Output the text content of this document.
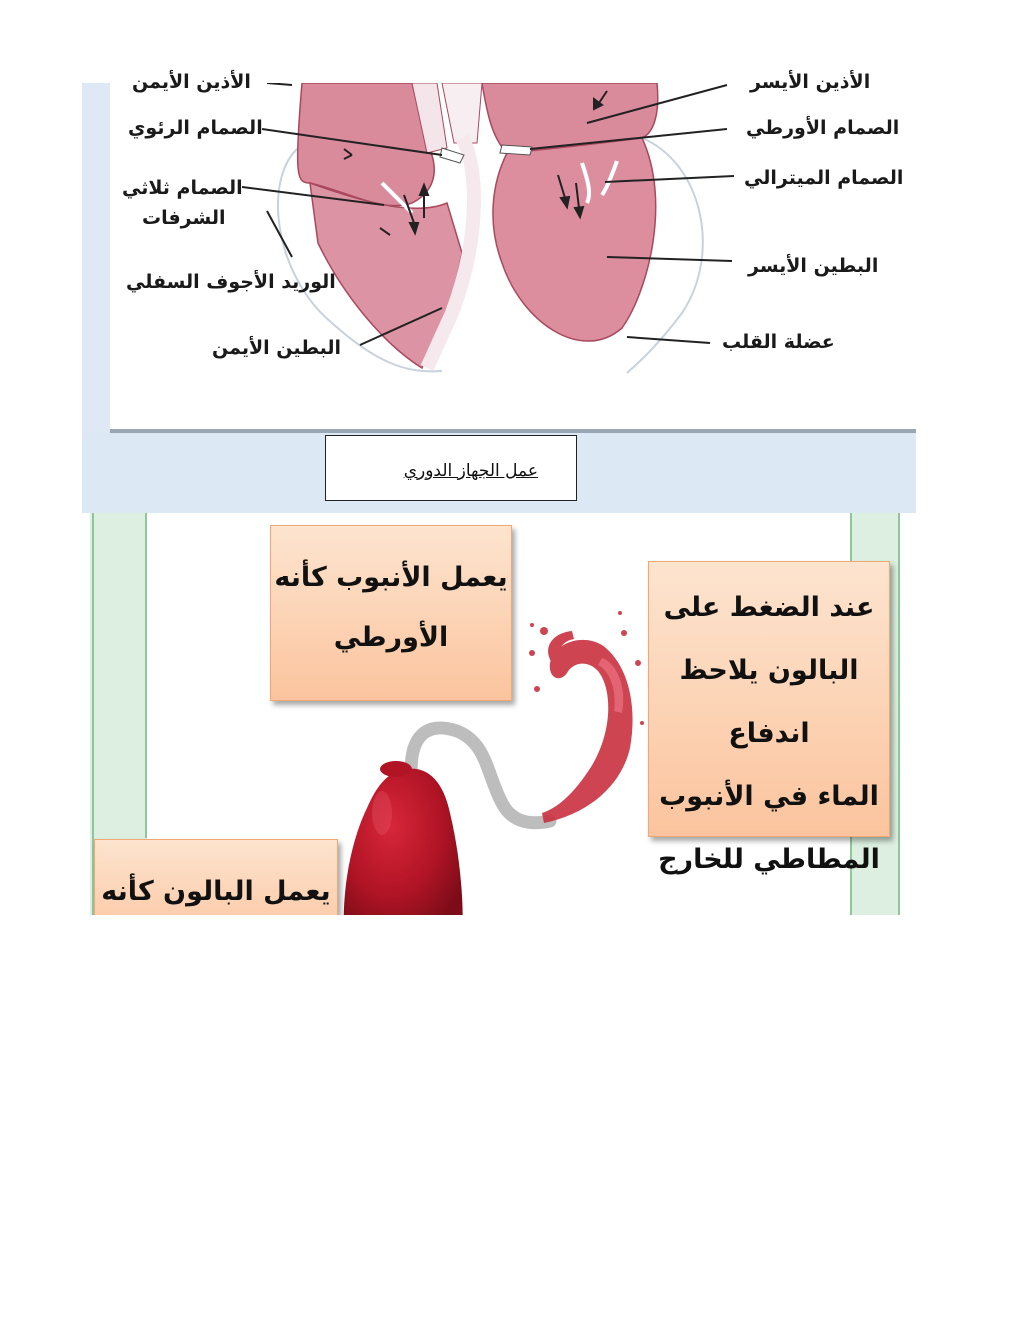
الأذين الأيمن
الصمام الرئوي
الصمام ثلاثي
الشرفات
الوريد الأجوف السفلي
البطين الأيمن
الأذين الأيسر
الصمام الأورطي
الصمام الميترالي
البطين الأيسر
عضلة القلب
عمل الجهاز الدوري
يعمل الأنبوب كأنه
الأورطي
عند الضغط على
البالون يلاحظ اندفاع
الماء في الأنبوب
المطاطي للخارج
يعمل البالون كأنه
